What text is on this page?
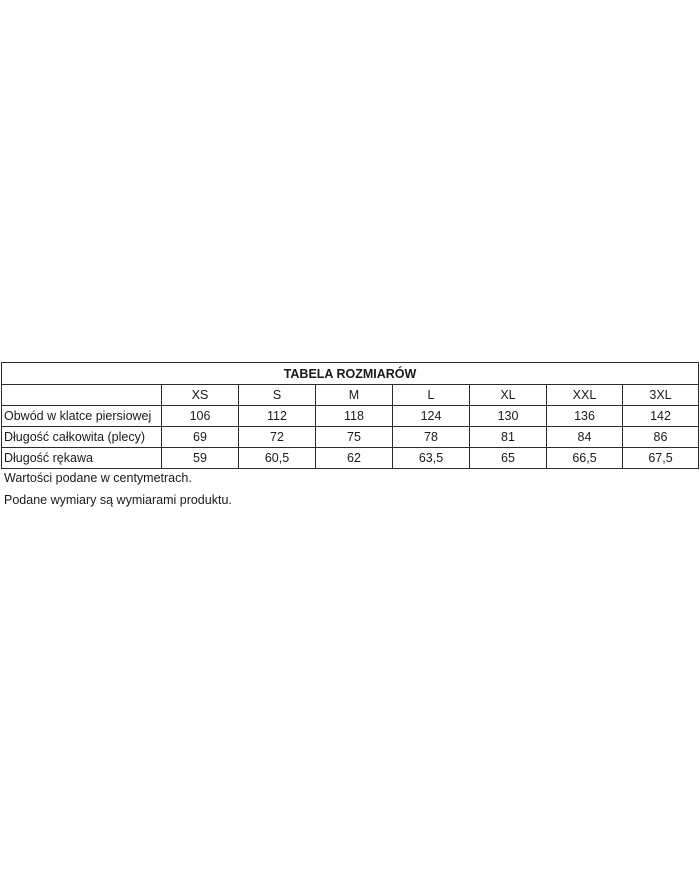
TABELA ROZMIARÓW							
	XS	S	M	L	XL	XXL	3XL
Obwód w klatce piersiowej	106	112	118	124	130	136	142
Długość całkowita (plecy)	69	72	75	78	81	84	86
Długość rękawa	59	60,5	62	63,5	65	66,5	67,5

Wartości podane w centymetrach.

Podane wymiary są wymiarami produktu.
